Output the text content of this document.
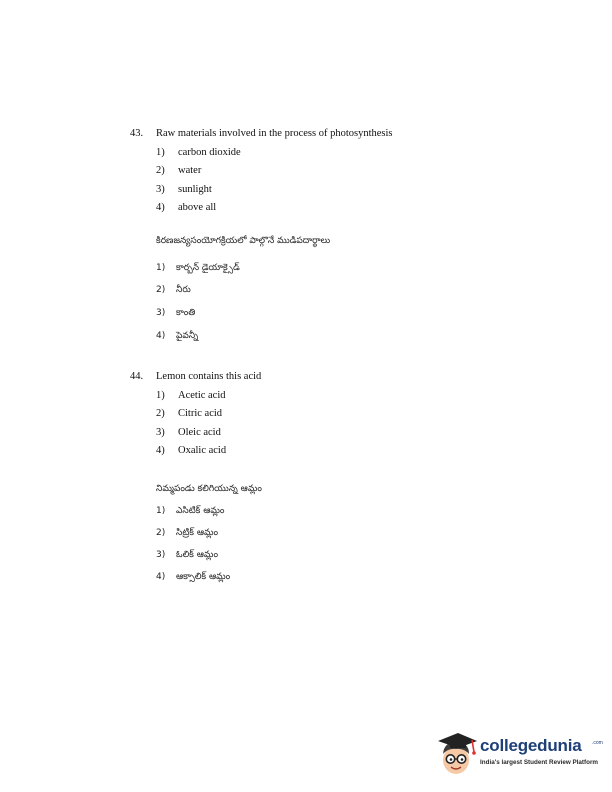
43. Raw materials involved in the process of photosynthesis
1) carbon dioxide
2) water
3) sunlight
4) above all
కిరణజన్యసంయోగక్రియలో పాల్గొనే ముడిపదార్థాలు
1) కార్బన్ డైయాక్సైడ్
2) నీరు
3) కాంతి
4) పైవన్నీ
44. Lemon contains this acid
1) Acetic acid
2) Citric acid
3) Oleic acid
4) Oxalic acid
నిమ్మపండు కలిగియున్న ఆమ్లం
1) ఎసిటిక్ ఆమ్లం
2) సిట్రిక్ ఆమ్లం
3) ఓలిక్ ఆమ్లం
4) ఆక్సాలిక్ ఆమ్లం
collegedunia .com
India's largest Student Review Platform
